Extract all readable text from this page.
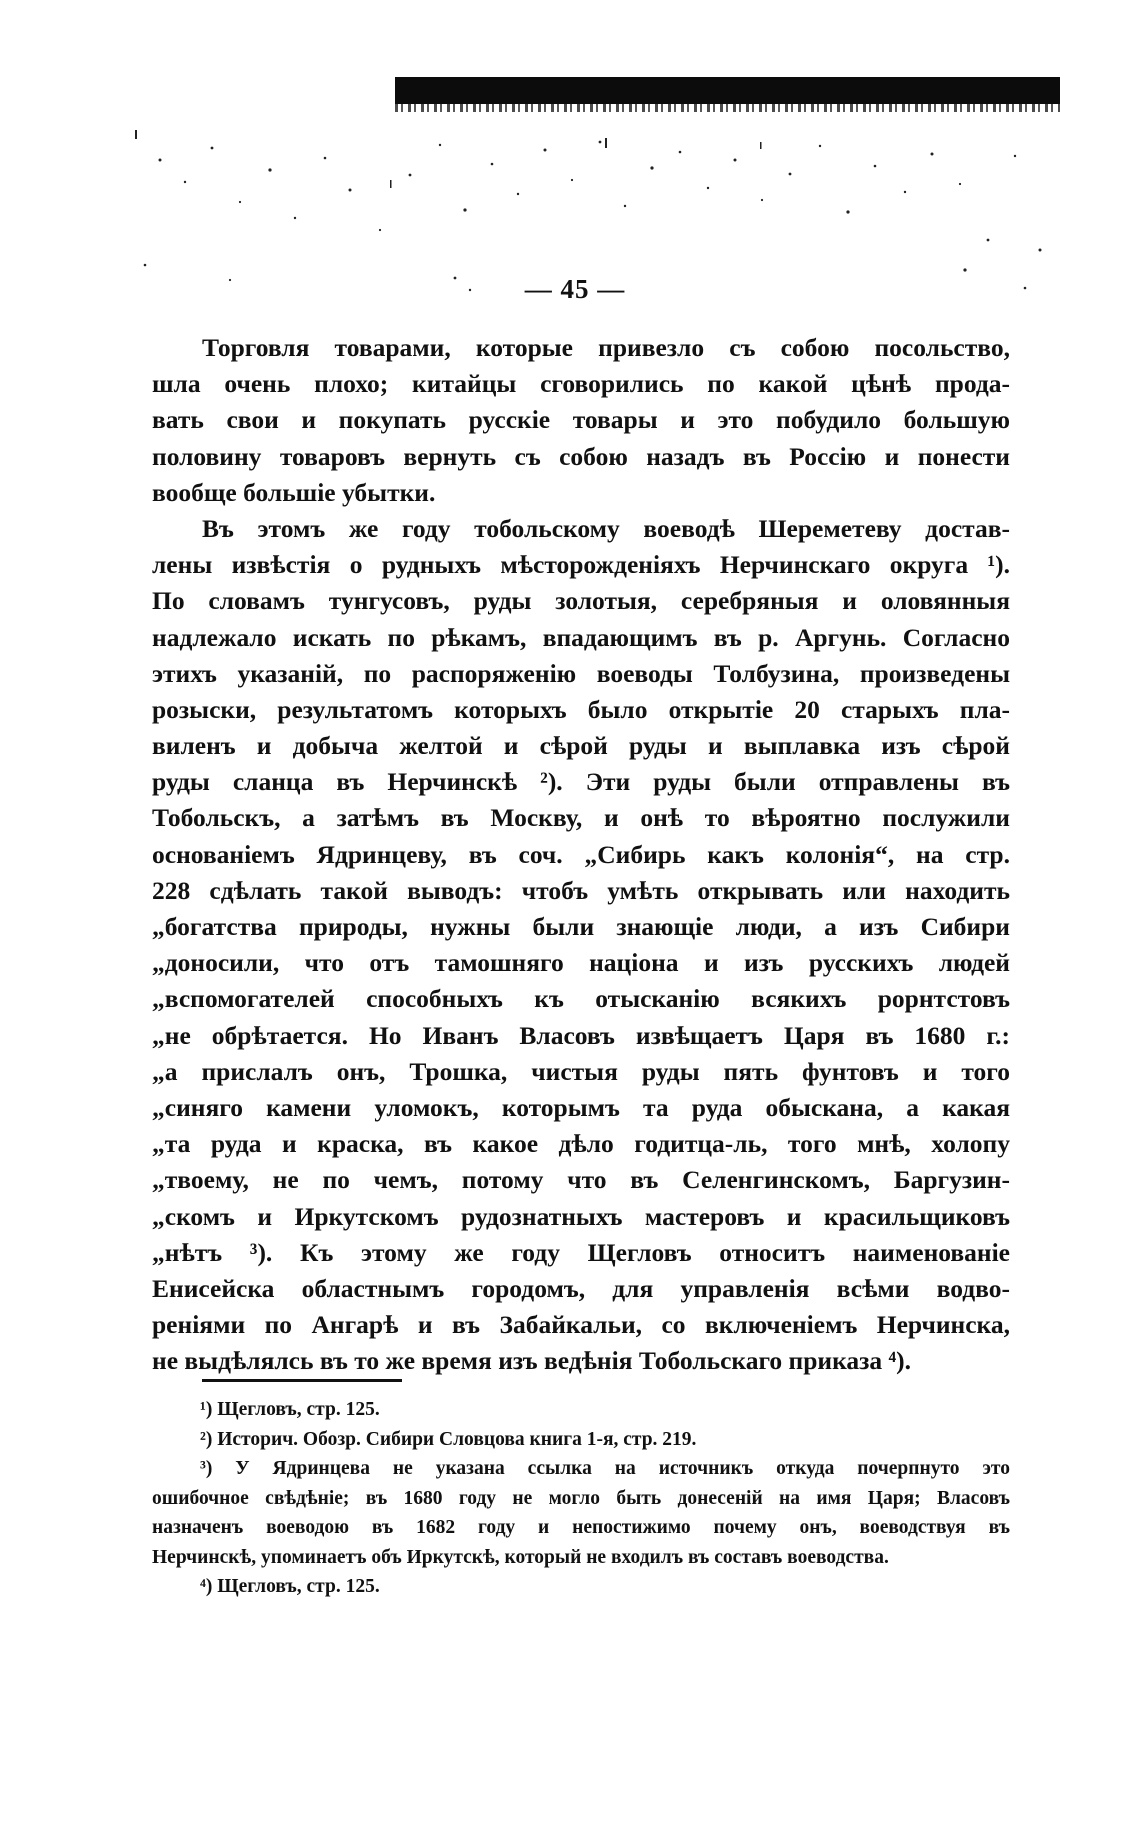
— 45 —
Торговля товарами, которые привезло съ собою посольство,
шла очень плохо; китайцы сговорились по какой цѣнѣ прода-
вать свои и покупать русскіе товары и это побудило большую
половину товаровъ вернуть съ собою назадъ въ Россію и понести
вообще большіе убытки.
Въ этомъ же году тобольскому воеводѣ Шереметеву достав-
лены извѣстія о рудныхъ мѣсторожденіяхъ Нерчинскаго округа ¹).
По словамъ тунгусовъ, руды золотыя, серебряныя и оловянныя
надлежало искать по рѣкамъ, впадающимъ въ р. Аргунь. Согласно
этихъ указаній, по распоряженію воеводы Толбузина, произведены
розыски, результатомъ которыхъ было открытіе 20 старыхъ пла-
виленъ и добыча желтой и сѣрой руды и выплавка изъ сѣрой
руды сланца въ Нерчинскѣ ²). Эти руды были отправлены въ
Тобольскъ, а затѣмъ въ Москву, и онѣ то вѣроятно послужили
основаніемъ Ядринцеву, въ соч. „Сибирь какъ колонія“, на стр.
228 сдѣлать такой выводъ: чтобъ умѣть открывать или находить
„богатства природы, нужны были знающіе люди, а изъ Сибири
„доносили, что отъ тамошняго націона и изъ русскихъ людей
„вспомогателей способныхъ къ отысканію всякихъ рорнтстовъ
„не обрѣтается. Но Иванъ Власовъ извѣщаетъ Царя въ 1680 г.:
„а прислалъ онъ, Трошка, чистыя руды пять фунтовъ и того
„синяго камени уломокъ, которымъ та руда обыскана, а какая
„та руда и краска, въ какое дѣло годитца-ль, того мнѣ, холопу
„твоему, не по чемъ, потому что въ Селенгинскомъ, Баргузин-
„скомъ и Иркутскомъ рудознатныхъ мастеровъ и красильщиковъ
„нѣтъ ³). Къ этому же году Щегловъ относитъ наименованіе
Енисейска областнымъ городомъ, для управленія всѣми водво-
реніями по Ангарѣ и въ Забайкальи, со включеніемъ Нерчинска,
не выдѣлялсь въ то же время изъ ведѣнія Тобольскаго приказа ⁴).
¹) Щегловъ, стр. 125.
²) Историч. Обозр. Сибири Словцова книга 1-я, стр. 219.
³) У Ядринцева не указана ссылка на источникъ откуда почерпнуто это
ошибочное свѣдѣніе; въ 1680 году не могло быть донесеній на имя Царя; Власовъ
назначенъ воеводою въ 1682 году и непостижимо почему онъ, воеводствуя въ
Нерчинскѣ, упоминаетъ объ Иркутскѣ, который не входилъ въ составъ воеводства.
⁴) Щегловъ, стр. 125.
